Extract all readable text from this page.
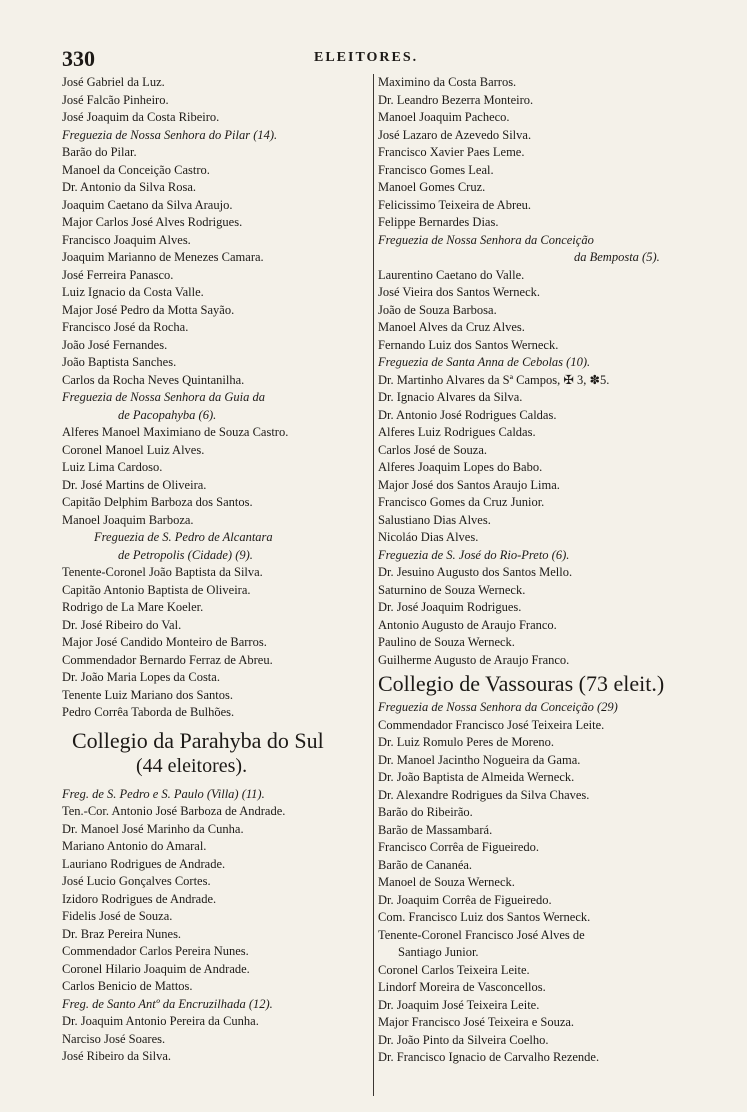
330	ELEITORES.
José Gabriel da Luz.
José Falcão Pinheiro.
José Joaquim da Costa Ribeiro.
Freguezia de Nossa Senhora do Pilar (14).
Barão do Pilar.
Manoel da Conceição Castro.
Dr. Antonio da Silva Rosa.
Joaquim Caetano da Silva Araujo.
Major Carlos José Alves Rodrigues.
Francisco Joaquim Alves.
Joaquim Marianno de Menezes Camara.
José Ferreira Panasco.
Luiz Ignacio da Costa Valle.
Major José Pedro da Motta Sayão.
Francisco José da Rocha.
João José Fernandes.
João Baptista Sanches.
Carlos da Rocha Neves Quintanilha.
Freguezia de Nossa Senhora da Guia da
de Pacopahyba (6).
Alferes Manoel Maximiano de Souza Castro.
Coronel Manoel Luiz Alves.
Luiz Lima Cardoso.
Dr. José Martins de Oliveira.
Capitão Delphim Barboza dos Santos.
Manoel Joaquim Barboza.
Freguezia de S. Pedro de Alcantara
de Petropolis (Cidade) (9).
Tenente-Coronel João Baptista da Silva.
Capitão Antonio Baptista de Oliveira.
Rodrigo de La Mare Koeler.
Dr. José Ribeiro do Val.
Major José Candido Monteiro de Barros.
Commendador Bernardo Ferraz de Abreu.
Dr. João Maria Lopes da Costa.
Tenente Luiz Mariano dos Santos.
Pedro Corrêa Taborda de Bulhões.
Collegio da Parahyba do Sul
(44 eleitores).
Freg. de S. Pedro e S. Paulo (Villa) (11).
Ten.-Cor. Antonio José Barboza de Andrade.
Dr. Manoel José Marinho da Cunha.
Mariano Antonio do Amaral.
Lauriano Rodrigues de Andrade.
José Lucio Gonçalves Cortes.
Izidoro Rodrigues de Andrade.
Fidelis José de Souza.
Dr. Braz Pereira Nunes.
Commendador Carlos Pereira Nunes.
Coronel Hilario Joaquim de Andrade.
Carlos Benicio de Mattos.
Freg. de Santo Antº da Encruzilhada (12).
Dr. Joaquim Antonio Pereira da Cunha.
Narciso José Soares.
José Ribeiro da Silva.
Maximino da Costa Barros.
Dr. Leandro Bezerra Monteiro.
Manoel Joaquim Pacheco.
José Lazaro de Azevedo Silva.
Francisco Xavier Paes Leme.
Francisco Gomes Leal.
Manoel Gomes Cruz.
Felicissimo Teixeira de Abreu.
Felippe Bernardes Dias.
Freguezia de Nossa Senhora da Conceição
da Bemposta (5).
Laurentino Caetano do Valle.
José Vieira dos Santos Werneck.
João de Souza Barbosa.
Manoel Alves da Cruz Alves.
Fernando Luiz dos Santos Werneck.
Freguezia de Santa Anna de Cebolas (10).
Dr. Martinho Alvares da Sª Campos, ✠ 3, ✽5.
Dr. Ignacio Alvares da Silva.
Dr. Antonio José Rodrigues Caldas.
Alferes Luiz Rodrigues Caldas.
Carlos José de Souza.
Alferes Joaquim Lopes do Babo.
Major José dos Santos Araujo Lima.
Francisco Gomes da Cruz Junior.
Salustiano Dias Alves.
Nicoláo Dias Alves.
Freguezia de S. José do Rio-Preto (6).
Dr. Jesuino Augusto dos Santos Mello.
Saturnino de Souza Werneck.
Dr. José Joaquim Rodrigues.
Antonio Augusto de Araujo Franco.
Paulino de Souza Werneck.
Guilherme Augusto de Araujo Franco.
Collegio de Vassouras (73 eleit.)
Freguezia de Nossa Senhora da Conceição (29)
Commendador Francisco José Teixeira Leite.
Dr. Luiz Romulo Peres de Moreno.
Dr. Manoel Jacintho Nogueira da Gama.
Dr. João Baptista de Almeida Werneck.
Dr. Alexandre Rodrigues da Silva Chaves.
Barão do Ribeirão.
Barão de Massambará.
Francisco Corrêa de Figueiredo.
Barão de Cananéa.
Manoel de Souza Werneck.
Dr. Joaquim Corrêa de Figueiredo.
Com. Francisco Luiz dos Santos Werneck.
Tenente-Coronel Francisco José Alves de
Santiago Junior.
Coronel Carlos Teixeira Leite.
Lindorf Moreira de Vasconcellos.
Dr. Joaquim José Teixeira Leite.
Major Francisco José Teixeira e Souza.
Dr. João Pinto da Silveira Coelho.
Dr. Francisco Ignacio de Carvalho Rezende.
